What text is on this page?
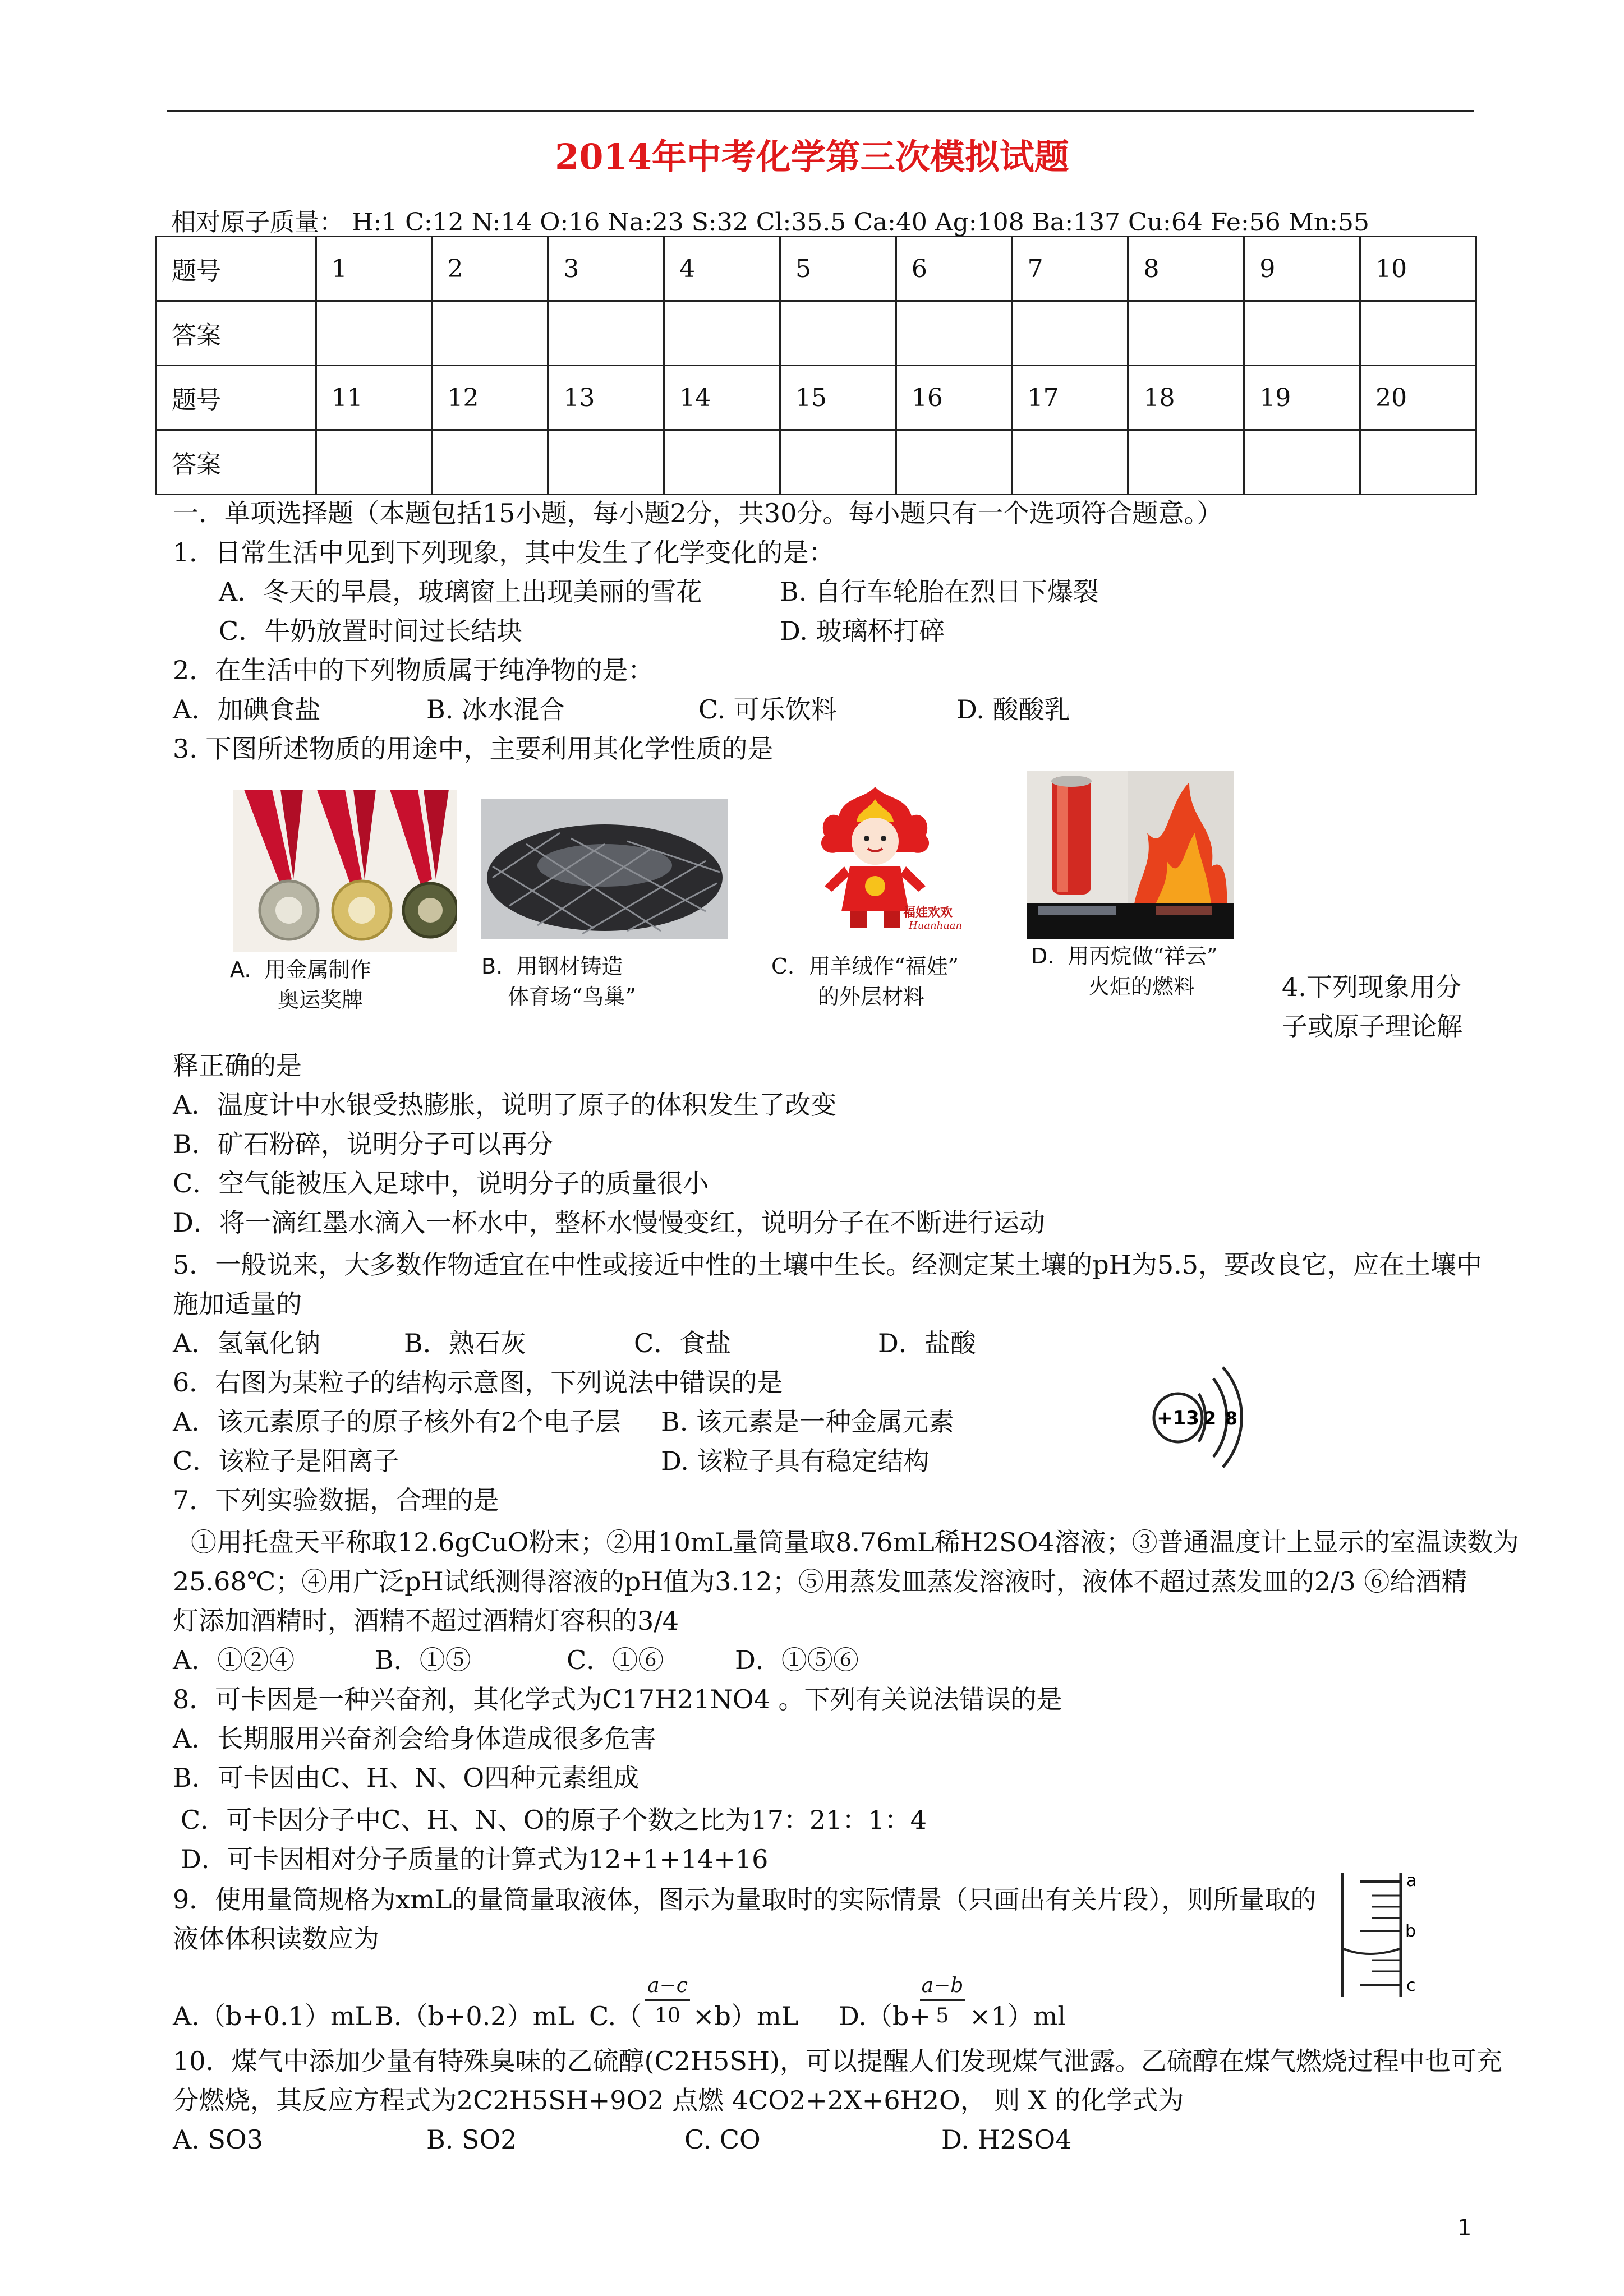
2014年中考化学第三次模拟试题
相对原子质量： H:1 C:12 N:14 O:16 Na:23 S:32 Cl:35.5 Ca:40 Ag:108 Ba:137 Cu:64 Fe:56 Mn:55
题号	1	2	3	4	5	6	7	8	9	10
答案										
题号	11	12	13	14	15	16	17	18	19	20
答案										
一．单项选择题（本题包括15小题，每小题2分，共30分。每小题只有一个选项符合题意。）
1．日常生活中见到下列现象，其中发生了化学变化的是：
A．冬天的早晨，玻璃窗上出现美丽的雪花	B. 自行车轮胎在烈日下爆裂
C．牛奶放置时间过长结块	D. 玻璃杯打碎
2．在生活中的下列物质属于纯净物的是：
A．加碘食盐	B. 冰水混合	C. 可乐饮料	D. 酸酸乳
3. 下图所述物质的用途中，主要利用其化学性质的是
A. 用金属制作
奥运奖牌
B. 用钢材铸造
体育场“鸟巢”
福娃欢欢
Huanhuan
C．用羊绒作“福娃”
的外层材料
D. 用丙烷做“祥云”
火炬的燃料	4.下列现象用分
子或原子理论解
释正确的是
A．温度计中水银受热膨胀，说明了原子的体积发生了改变
B．矿石粉碎，说明分子可以再分
C．空气能被压入足球中，说明分子的质量很小
D．将一滴红墨水滴入一杯水中，整杯水慢慢变红，说明分子在不断进行运动
5．一般说来，大多数作物适宜在中性或接近中性的土壤中生长。经测定某土壤的pH为5.5，要改良它，应在土壤中
施加适量的
A．氢氧化钠	B．熟石灰	C．食盐	D．盐酸
6．右图为某粒子的结构示意图，下列说法中错误的是
A．该元素原子的原子核外有2个电子层 B. 该元素是一种金属元素
C．该粒子是阳离子	D. 该粒子具有稳定结构
+13 2 8
7．下列实验数据，合理的是
①用托盘天平称取12.6gCuO粉末；②用10mL量筒量取8.76mL稀H2SO4溶液；③普通温度计上显示的室温读数为
25.68℃；④用广泛pH试纸测得溶液的pH值为3.12；⑤用蒸发皿蒸发溶液时，液体不超过蒸发皿的2/3 ⑥给酒精
灯添加酒精时，酒精不超过酒精灯容积的3/4
A．①②④	B．①⑤	C．①⑥	D．①⑤⑥
8．可卡因是一种兴奋剂，其化学式为C17H21NO4 。下列有关说法错误的是
A．长期服用兴奋剂会给身体造成很多危害
B．可卡因由C、H、N、O四种元素组成
C．可卡因分子中C、H、N、O的原子个数之比为17：21：1：4
D．可卡因相对分子质量的计算式为12+1+14+16
9．使用量筒规格为xmL的量筒量取液体，图示为量取时的实际情景（只画出有关片段），则所量取的
液体体积读数应为
a
b
c
A.（b+0.1）mL B.（b+0.2）mL $C.( \frac{a-c}{10} \times b)mL$ D.（b+
$\frac{a-b}{5} \times 1)ml$
10．煤气中添加少量有特殊臭味的乙硫醇(C2H5SH)，可以提醒人们发现煤气泄露。乙硫醇在煤气燃烧过程中也可充
分燃烧，其反应方程式为2C2H5SH+9O2 点燃 4CO2+2X+6H2O， 则 X 的化学式为
A. SO3	B. SO2	C. CO	D. H2SO4
1
